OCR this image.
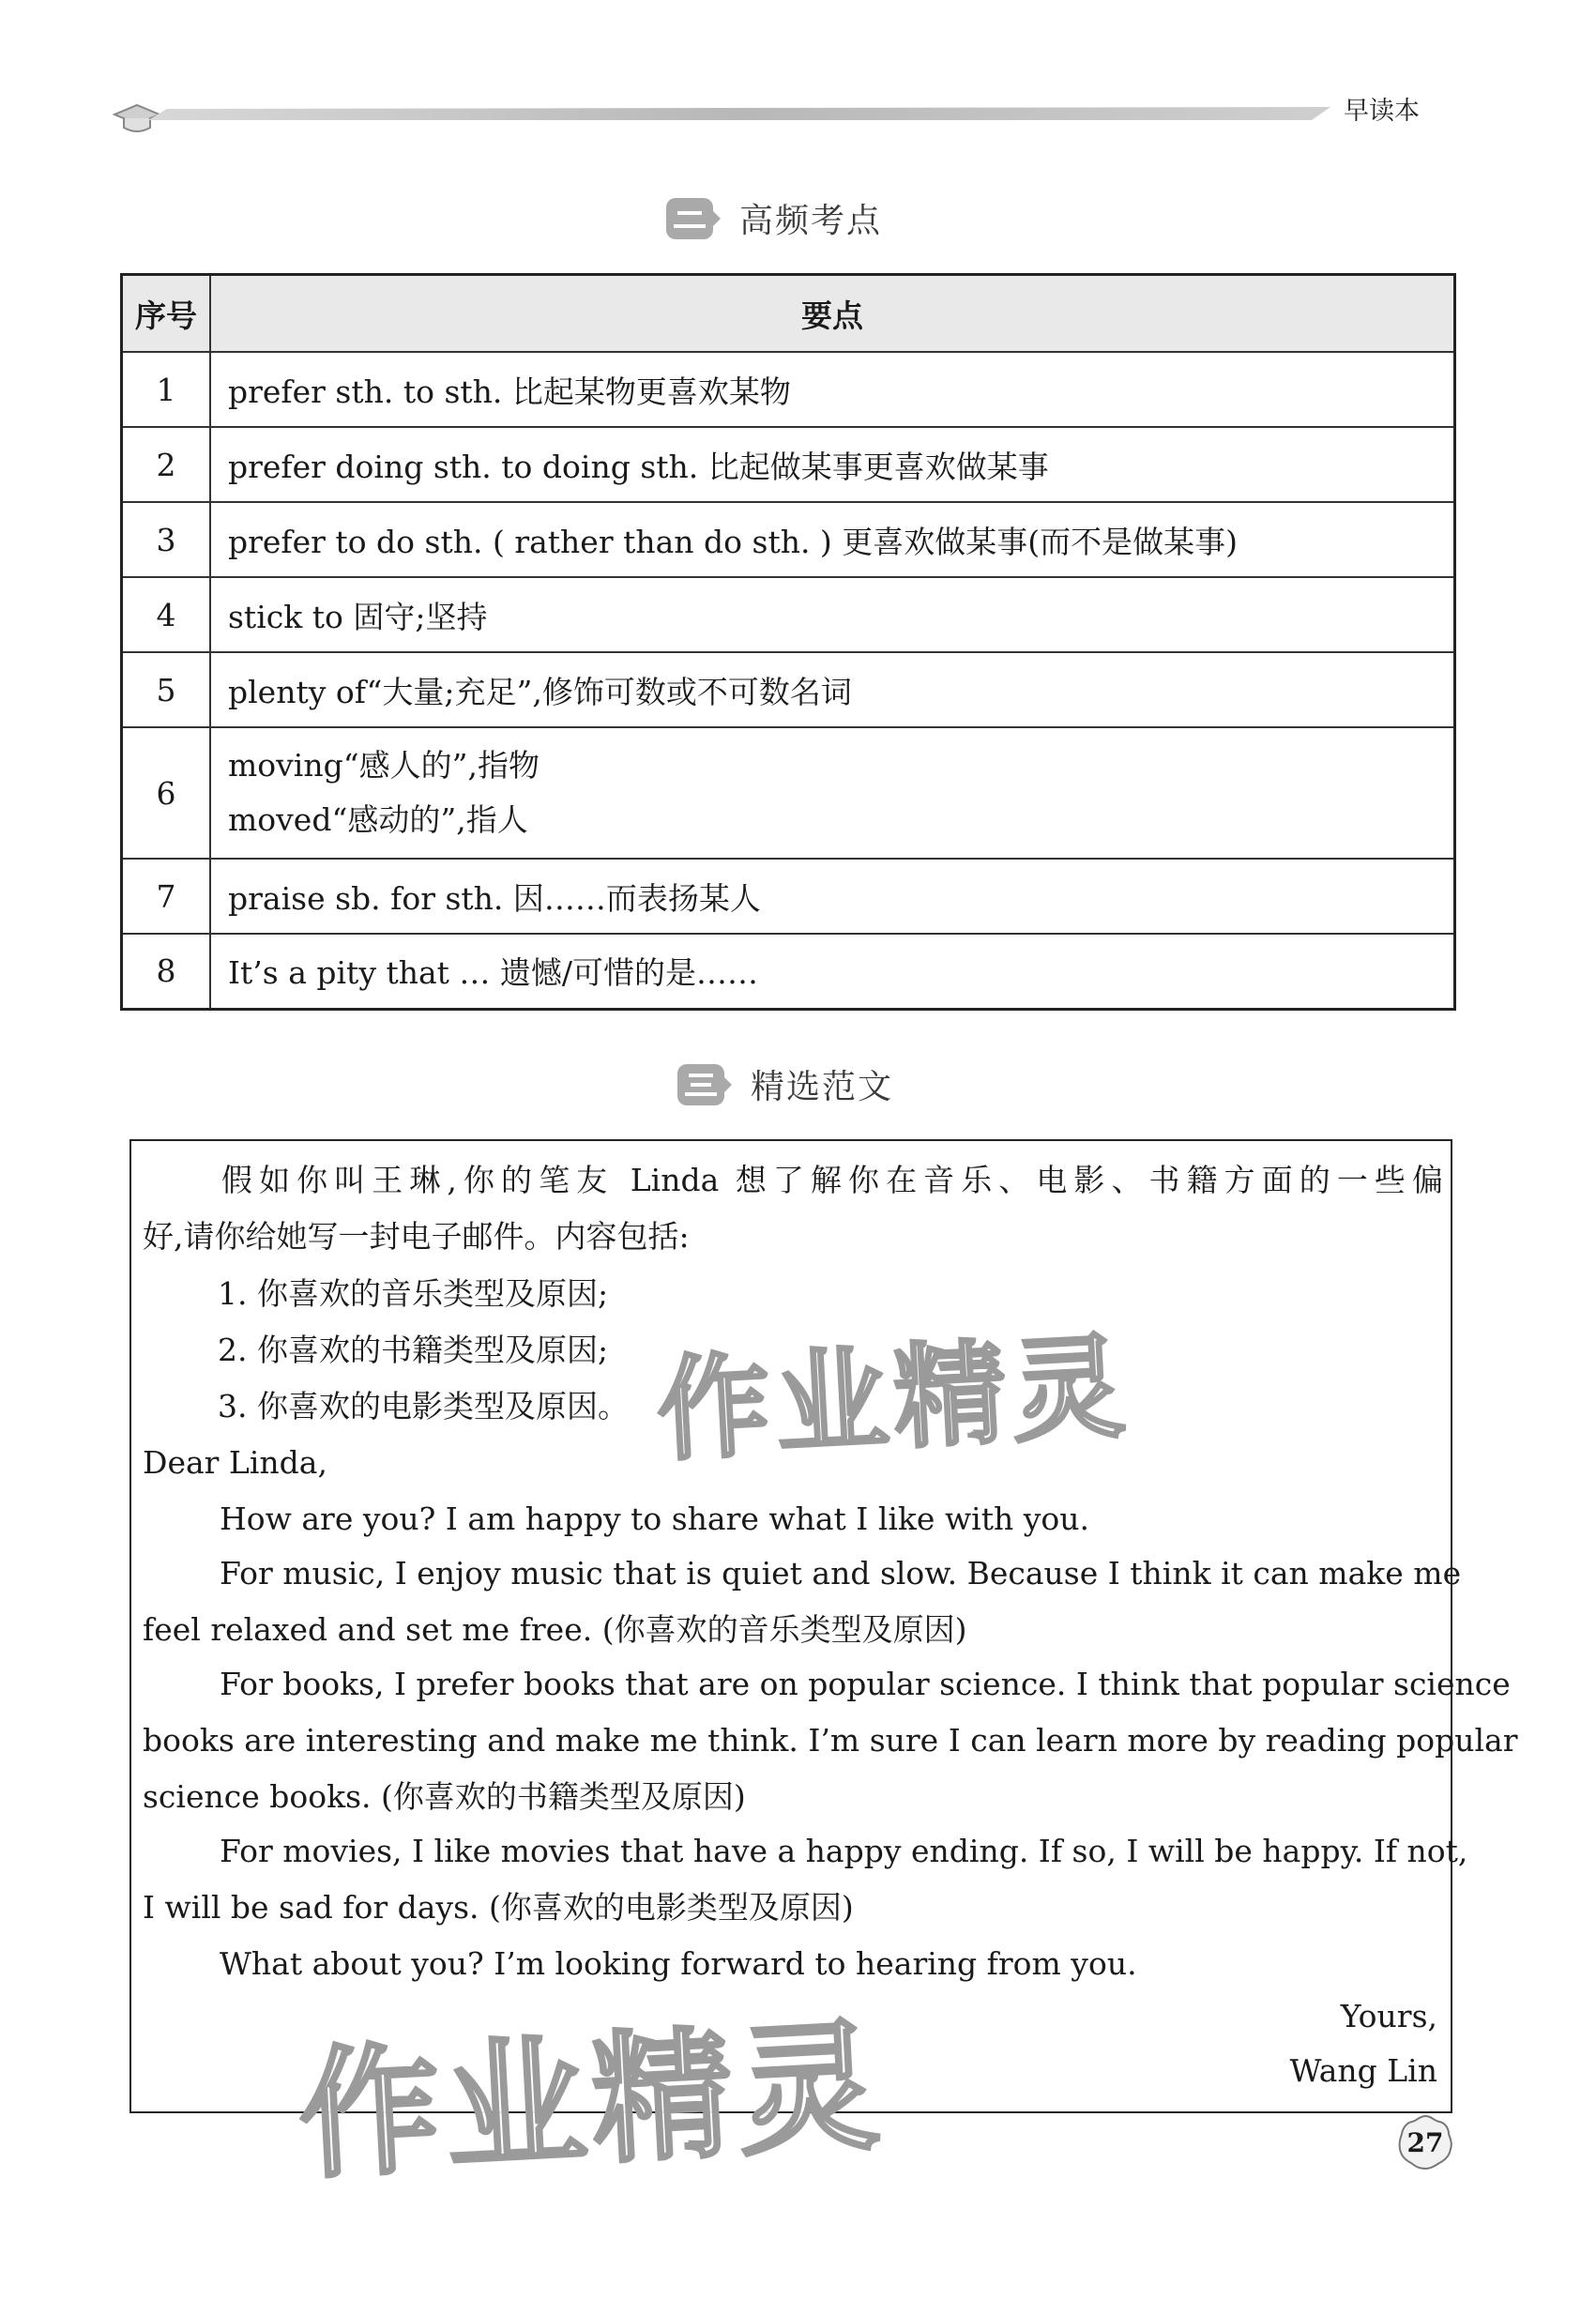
早读本
高频考点
序号	要点
1	prefer sth. to sth. 比起某物更喜欢某物
2	prefer doing sth. to doing sth. 比起做某事更喜欢做某事
3	prefer to do sth. ( rather than do sth. ) 更喜欢做某事(而不是做某事)
4	stick to 固守;坚持
5	plenty of“大量;充足”,修饰可数或不可数名词
6	moving“感人的”,指物
moved“感动的”,指人

7	praise sb. for sth. 因……而表扬某人
8	It’s a pity that … 遗憾/可惜的是……
精选范文
假如你叫王琳,你的笔友 Linda 想了解你在音乐、电影、书籍方面的一些偏
好,请你给她写一封电子邮件。内容包括:
1. 你喜欢的音乐类型及原因;
2. 你喜欢的书籍类型及原因;
3. 你喜欢的电影类型及原因。
Dear Linda,
How are you? I am happy to share what I like with you.
For music, I enjoy music that is quiet and slow. Because I think it can make me
feel relaxed and set me free. (你喜欢的音乐类型及原因)
For books, I prefer books that are on popular science. I think that popular science
books are interesting and make me think. I’m sure I can learn more by reading popular
science books. (你喜欢的书籍类型及原因)
For movies, I like movies that have a happy ending. If so, I will be happy. If not,
I will be sad for days. (你喜欢的电影类型及原因)
What about you? I’m looking forward to hearing from you.
Yours,
Wang Lin
作业精灵
作业精灵	27
